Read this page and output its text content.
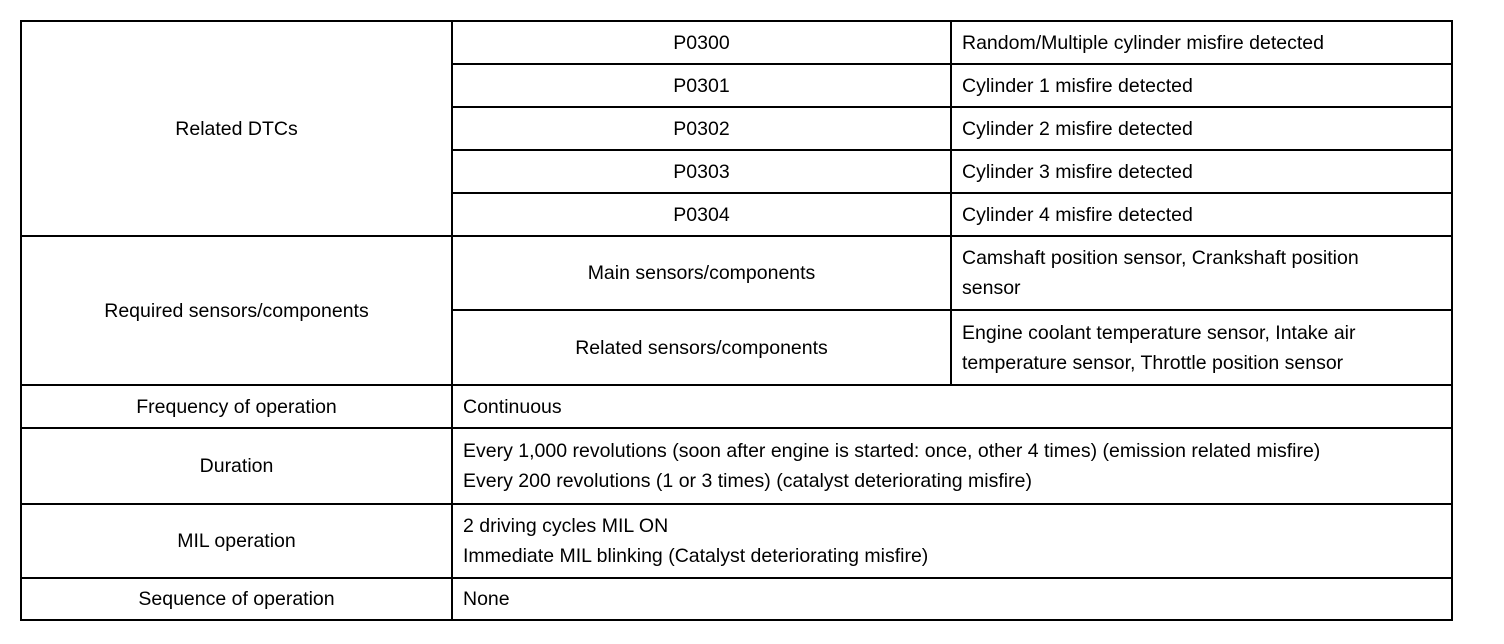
Related DTCs	P0300	Random/Multiple cylinder misfire detected
	P0301	Cylinder 1 misfire detected
	P0302	Cylinder 2 misfire detected
	P0303	Cylinder 3 misfire detected
	P0304	Cylinder 4 misfire detected
Required sensors/components	Main sensors/components	Camshaft position sensor, Crankshaft position
sensor

	Related sensors/components	Engine coolant temperature sensor, Intake air
temperature sensor, Throttle position sensor

Frequency of operation	Continuous	
Duration	Every 1,000 revolutions (soon after engine is started: once, other 4 times) (emission related misfire)
Every 200 revolutions (1 or 3 times) (catalyst deteriorating misfire)	

MIL operation	2 driving cycles MIL ON
Immediate MIL blinking (Catalyst deteriorating misfire)	

Sequence of operation	None	
